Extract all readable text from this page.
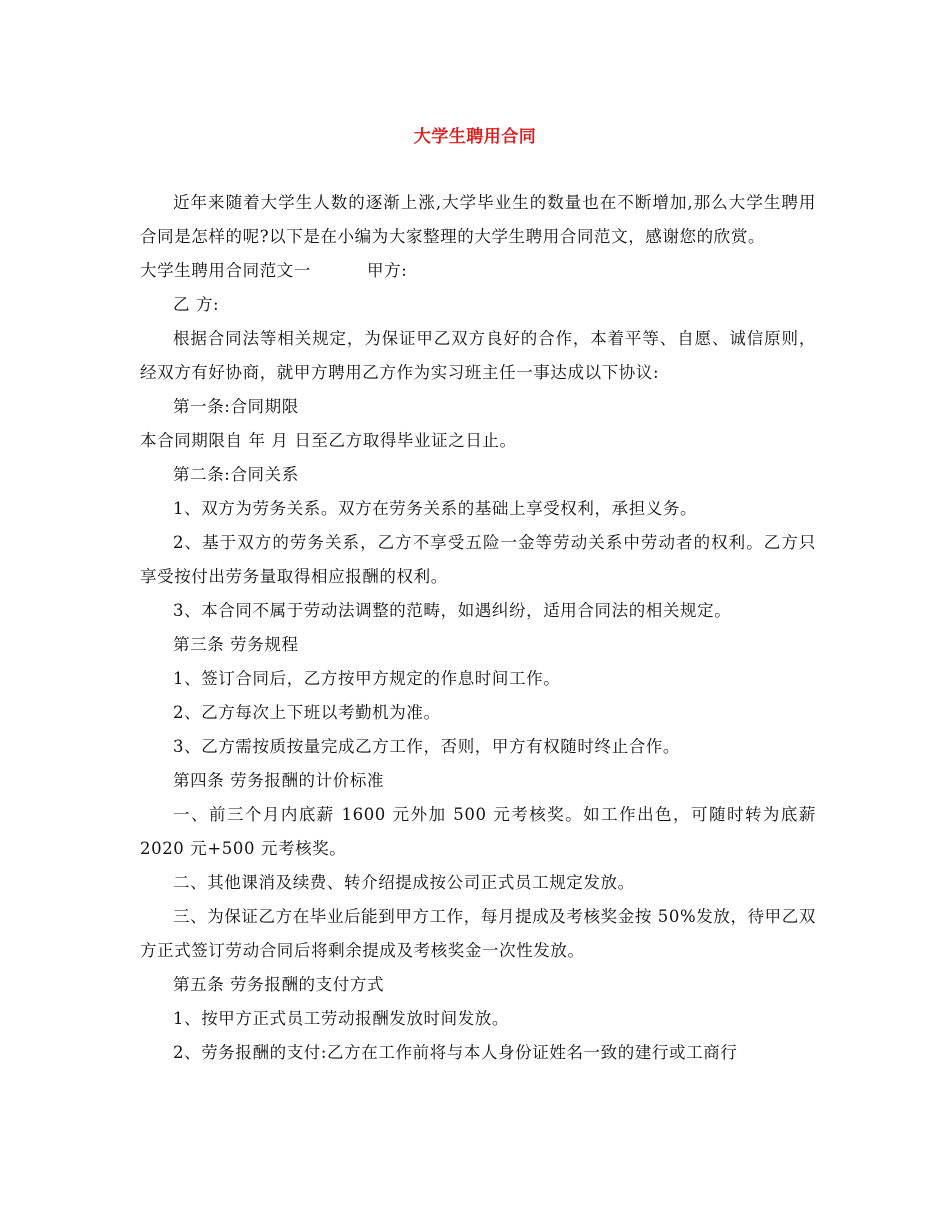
大学生聘用合同

近年来随着大学生人数的逐渐上涨,大学毕业生的数量也在不断增加,那么大学生聘用合同是怎样的呢?以下是在小编为大家整理的大学生聘用合同范文，感谢您的欣赏。

大学生聘用合同范文一	甲方:

乙 方:

根据合同法等相关规定，为保证甲乙双方良好的合作，本着平等、自愿、诚信原则，经双方有好协商，就甲方聘用乙方作为实习班主任一事达成以下协议:

第一条:合同期限

本合同期限自 年 月 日至乙方取得毕业证之日止。

第二条:合同关系

1、双方为劳务关系。双方在劳务关系的基础上享受权利，承担义务。

2、基于双方的劳务关系，乙方不享受五险一金等劳动关系中劳动者的权利。乙方只享受按付出劳务量取得相应报酬的权利。

3、本合同不属于劳动法调整的范畴，如遇纠纷，适用合同法的相关规定。

第三条 劳务规程

1、签订合同后，乙方按甲方规定的作息时间工作。

2、乙方每次上下班以考勤机为准。

3、乙方需按质按量完成乙方工作，否则，甲方有权随时终止合作。

第四条 劳务报酬的计价标准

一、前三个月内底薪 1600 元外加 500 元考核奖。如工作出色，可随时转为底薪 2020 元+500 元考核奖。

二、其他课消及续费、转介绍提成按公司正式员工规定发放。

三、为保证乙方在毕业后能到甲方工作，每月提成及考核奖金按 50%发放，待甲乙双方正式签订劳动合同后将剩余提成及考核奖金一次性发放。

第五条 劳务报酬的支付方式

1、按甲方正式员工劳动报酬发放时间发放。

2、劳务报酬的支付:乙方在工作前将与本人身份证姓名一致的建行或工商行
